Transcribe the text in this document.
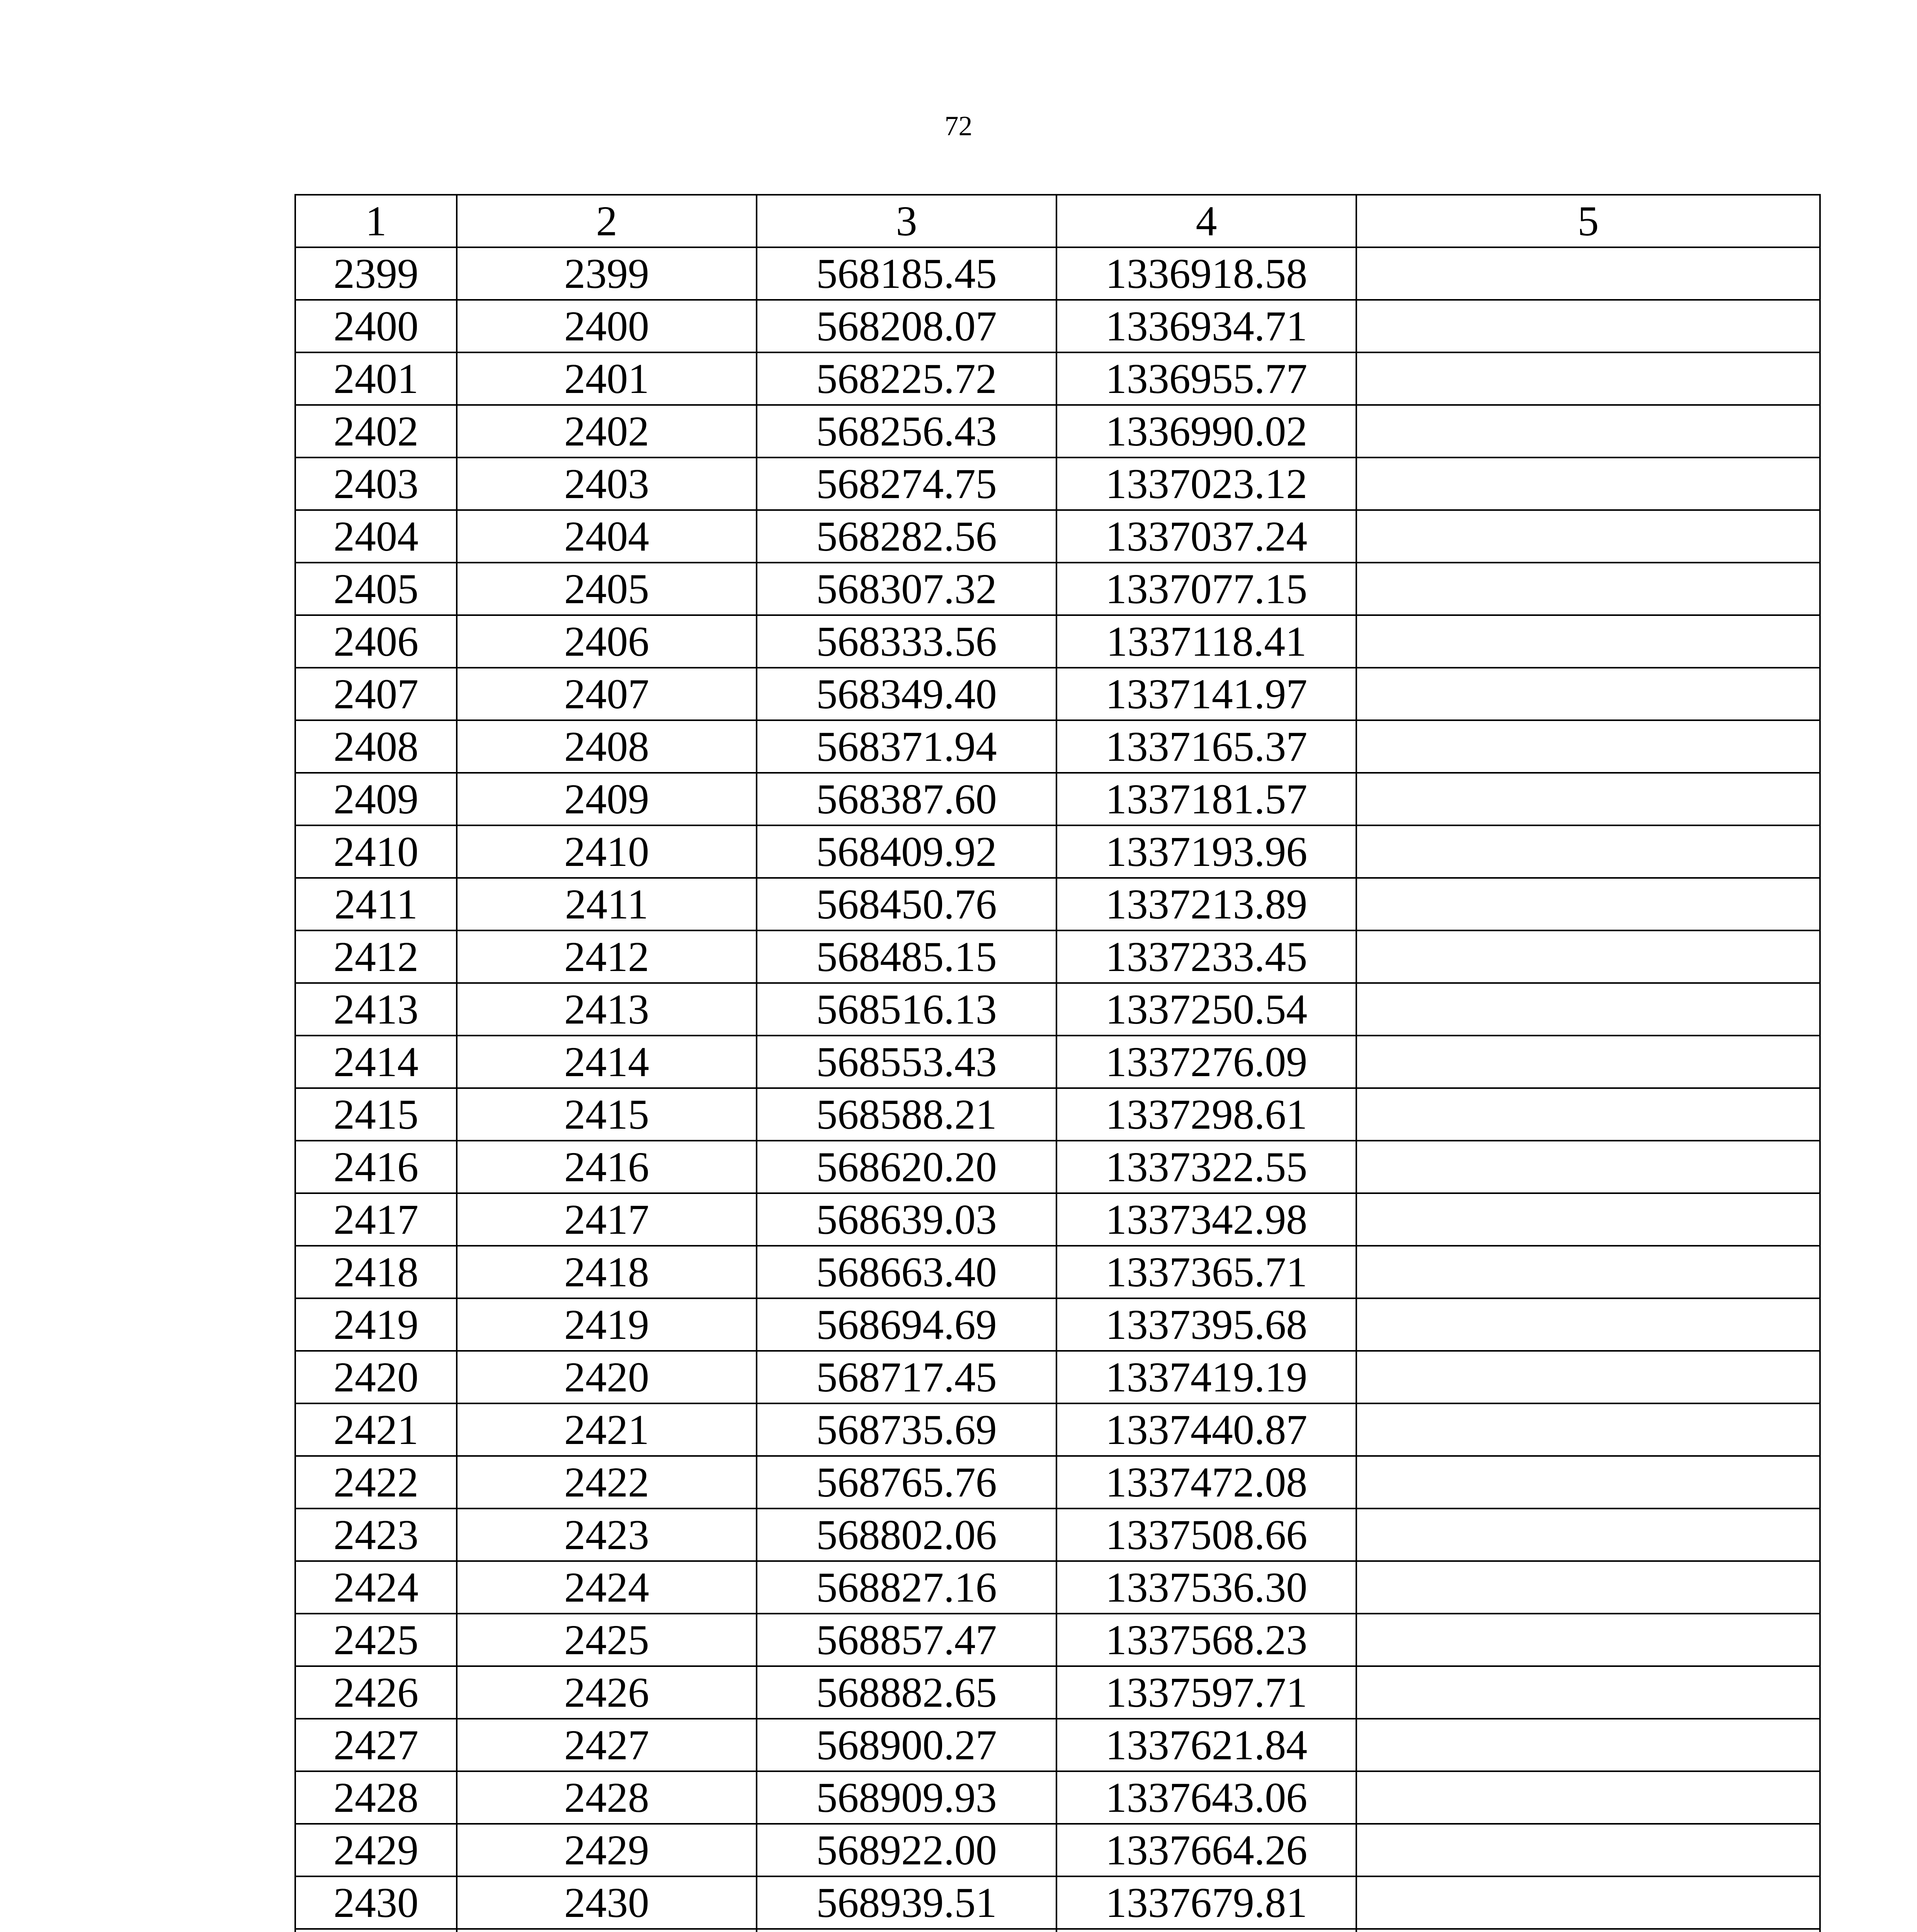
72
1	2	3	4	5
2399	2399	568185.45	1336918.58	
2400	2400	568208.07	1336934.71	
2401	2401	568225.72	1336955.77	
2402	2402	568256.43	1336990.02	
2403	2403	568274.75	1337023.12	
2404	2404	568282.56	1337037.24	
2405	2405	568307.32	1337077.15	
2406	2406	568333.56	1337118.41	
2407	2407	568349.40	1337141.97	
2408	2408	568371.94	1337165.37	
2409	2409	568387.60	1337181.57	
2410	2410	568409.92	1337193.96	
2411	2411	568450.76	1337213.89	
2412	2412	568485.15	1337233.45	
2413	2413	568516.13	1337250.54	
2414	2414	568553.43	1337276.09	
2415	2415	568588.21	1337298.61	
2416	2416	568620.20	1337322.55	
2417	2417	568639.03	1337342.98	
2418	2418	568663.40	1337365.71	
2419	2419	568694.69	1337395.68	
2420	2420	568717.45	1337419.19	
2421	2421	568735.69	1337440.87	
2422	2422	568765.76	1337472.08	
2423	2423	568802.06	1337508.66	
2424	2424	568827.16	1337536.30	
2425	2425	568857.47	1337568.23	
2426	2426	568882.65	1337597.71	
2427	2427	568900.27	1337621.84	
2428	2428	568909.93	1337643.06	
2429	2429	568922.00	1337664.26	
2430	2430	568939.51	1337679.81	
